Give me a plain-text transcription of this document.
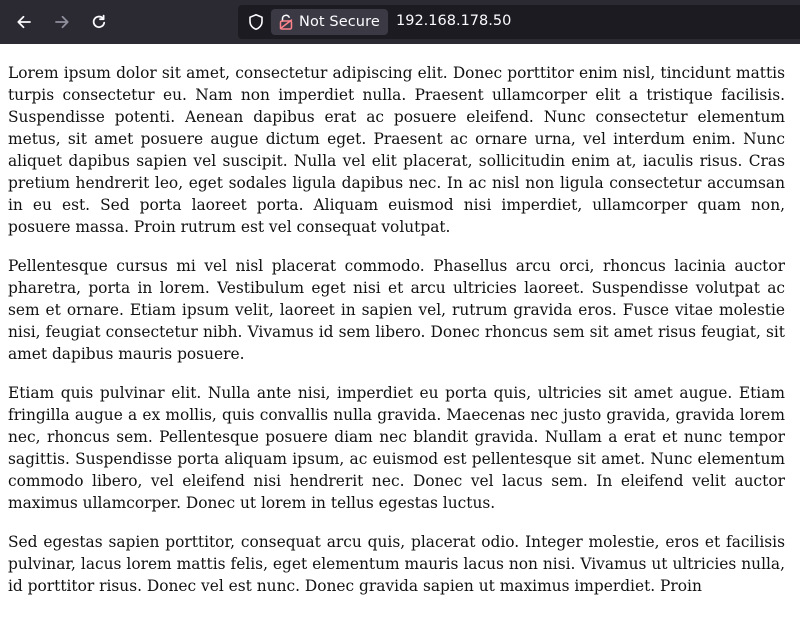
Not Secure 192.168.178.50

Lorem ipsum dolor sit amet, consectetur adipiscing elit. Donec porttitor enim nisl, tincidunt mattis turpis consectetur eu. Nam non imperdiet nulla. Praesent ullamcorper elit a tristique facilisis. Suspendisse potenti. Aenean dapibus erat ac posuere eleifend. Nunc consectetur elementum metus, sit amet posuere augue dictum eget. Praesent ac ornare urna, vel interdum enim. Nunc aliquet dapibus sapien vel suscipit. Nulla vel elit placerat, sollicitudin enim at, iaculis risus. Cras pretium hendrerit leo, eget sodales ligula dapibus nec. In ac nisl non ligula consectetur accumsan in eu est. Sed porta laoreet porta. Aliquam euismod nisi imperdiet, ullamcorper quam non, posuere massa. Proin rutrum est vel consequat volutpat.

Pellentesque cursus mi vel nisl placerat commodo. Phasellus arcu orci, rhoncus lacinia auctor pharetra, porta in lorem. Vestibulum eget nisi et arcu ultricies laoreet. Suspendisse volutpat ac sem et ornare. Etiam ipsum velit, laoreet in sapien vel, rutrum gravida eros. Fusce vitae molestie nisi, feugiat consectetur nibh. Vivamus id sem libero. Donec rhoncus sem sit amet risus feugiat, sit amet dapibus mauris posuere.

Etiam quis pulvinar elit. Nulla ante nisi, imperdiet eu porta quis, ultricies sit amet augue. Etiam fringilla augue a ex mollis, quis convallis nulla gravida. Maecenas nec justo gravida, gravida lorem nec, rhoncus sem. Pellentesque posuere diam nec blandit gravida. Nullam a erat et nunc tempor sagittis. Suspendisse porta aliquam ipsum, ac euismod est pellentesque sit amet. Nunc elementum commodo libero, vel eleifend nisi hendrerit nec. Donec vel lacus sem. In eleifend velit auctor maximus ullamcorper. Donec ut lorem in tellus egestas luctus.

Sed egestas sapien porttitor, consequat arcu quis, placerat odio. Integer molestie, eros et facilisis pulvinar, lacus lorem mattis felis, eget elementum mauris lacus non nisi. Vivamus ut ultricies nulla, id porttitor risus. Donec vel est nunc. Donec gravida sapien ut maximus imperdiet. Proin
